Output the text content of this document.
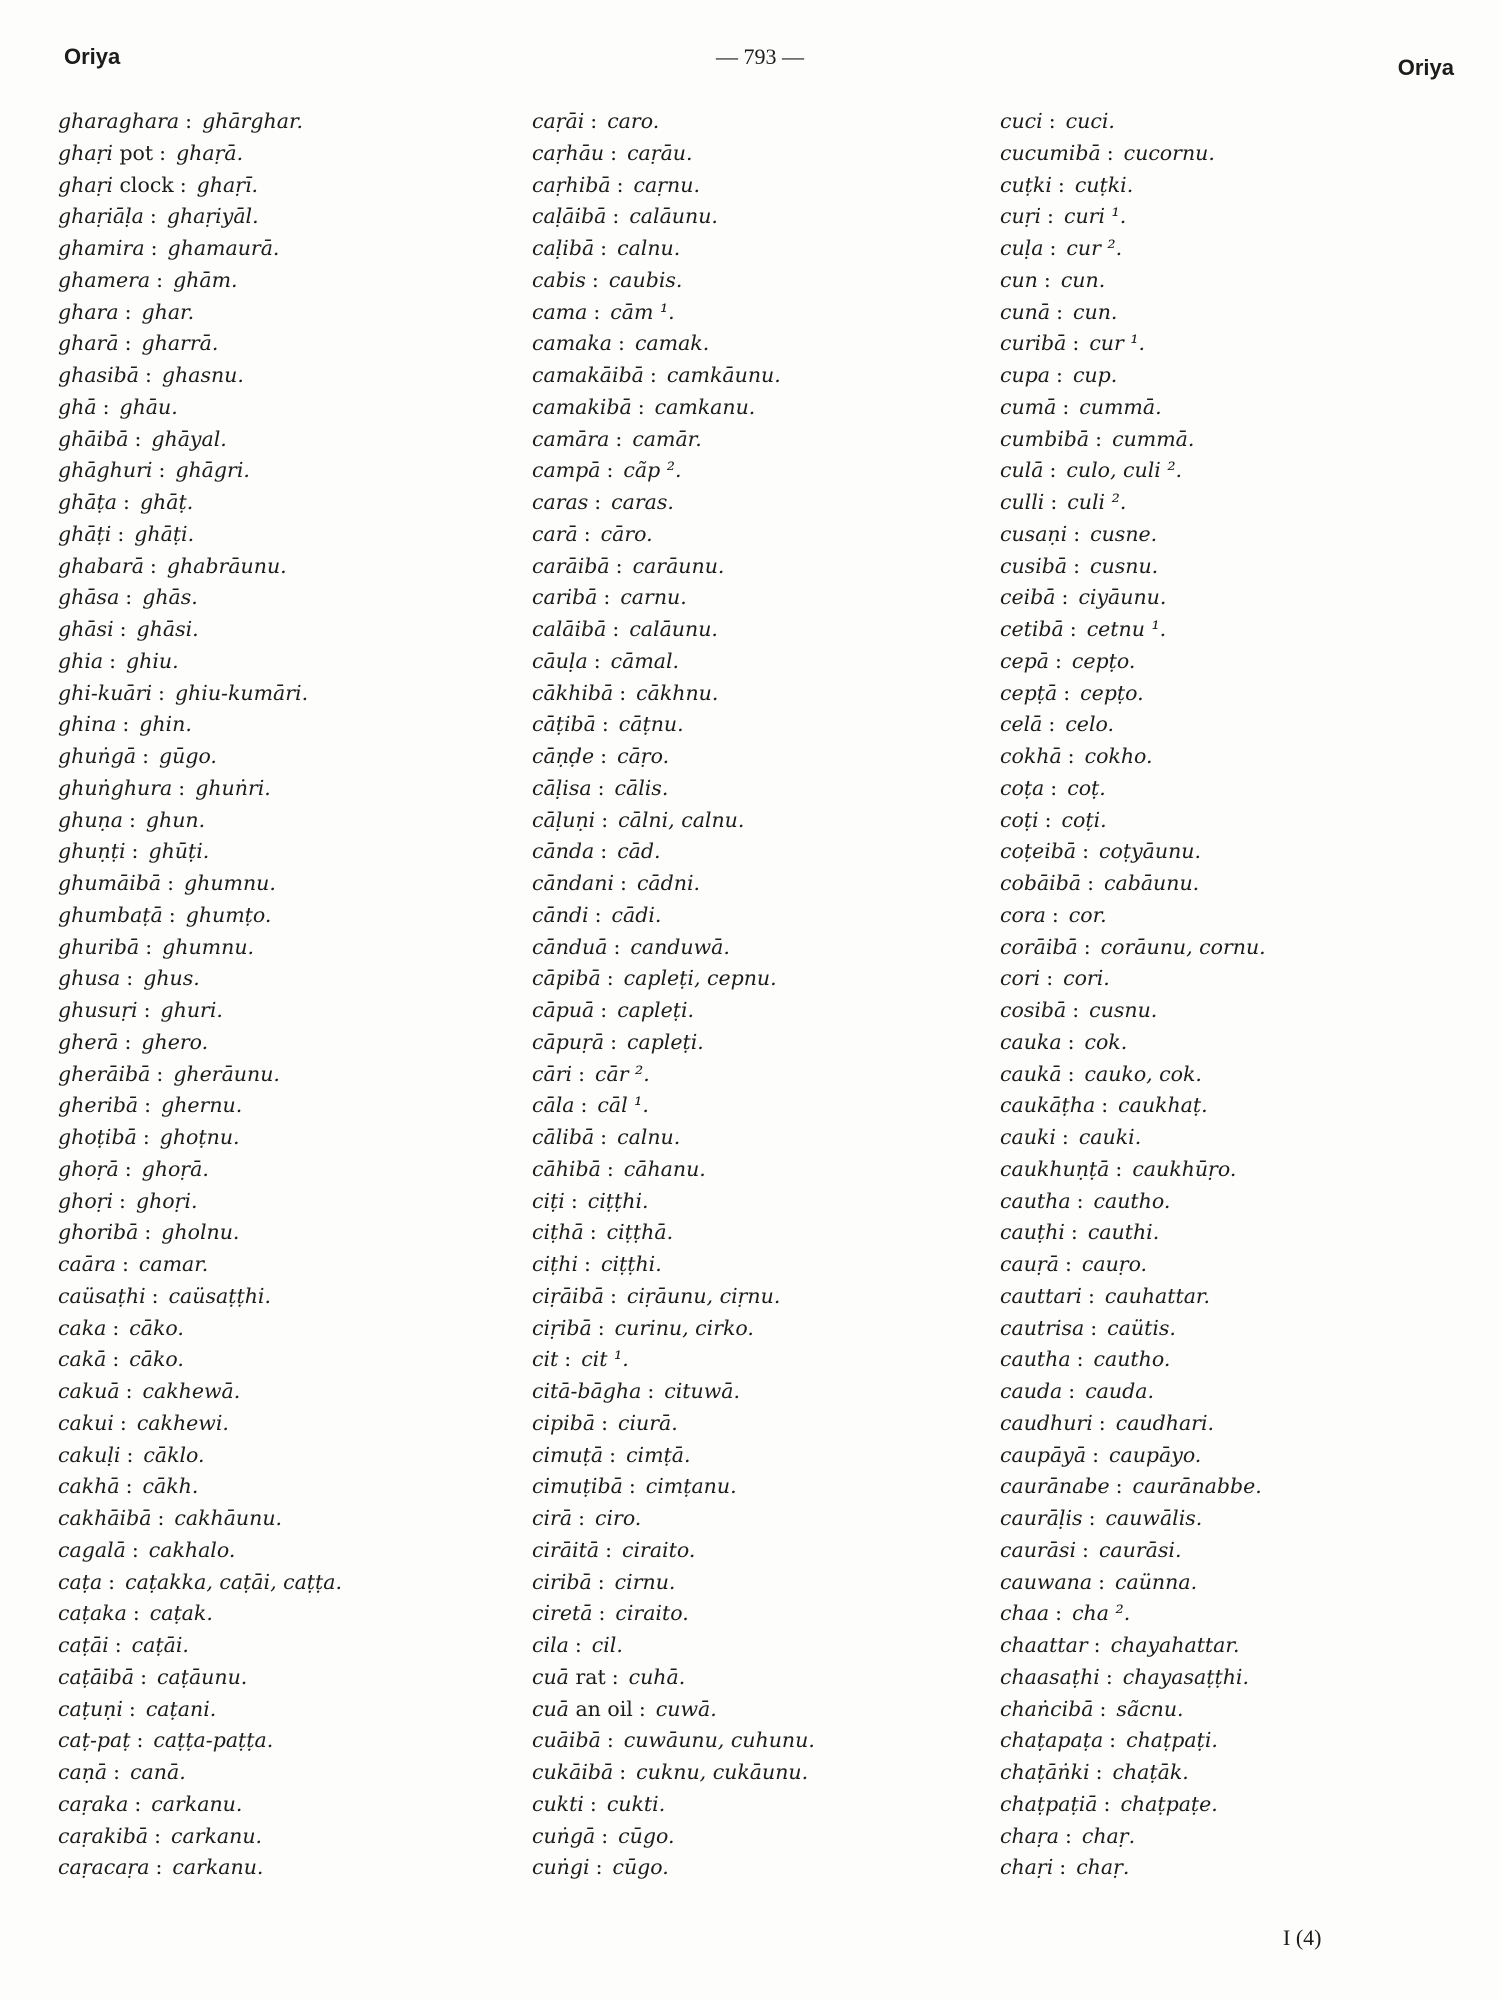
Oriya	— 793 —	Oriya
gharaghara : ghārghar.
ghaṛi pot : ghaṛā.
ghaṛi clock : ghaṛī.
ghaṛiāḷa : ghaṛiyāl.
ghamira : ghamaurā.
ghamera : ghām.
ghara : ghar.
gharā : gharrā.
ghasibā : ghasnu.
ghā : ghāu.
ghāibā : ghāyal.
ghāghuri : ghāgri.
ghāṭa : ghāṭ.
ghāṭi : ghāṭi.
ghabarā : ghabrāunu.
ghāsa : ghās.
ghāsi : ghāsi.
ghia : ghiu.
ghi-kuāri : ghiu-kumāri.
ghina : ghin.
ghuṅgā : gūgo.
ghuṅghura : ghuṅri.
ghuṇa : ghun.
ghuṇṭi : ghūṭi.
ghumāibā : ghumnu.
ghumbaṭā : ghumṭo.
ghuribā : ghumnu.
ghusa : ghus.
ghusuṛi : ghuri.
gherā : ghero.
gherāibā : gherāunu.
gheribā : ghernu.
ghoṭibā : ghoṭnu.
ghoṛā : ghoṛā.
ghoṛi : ghoṛi.
ghoribā : gholnu.
caāra : camar.
caüsaṭhi : caüsaṭṭhi.
caka : cāko.
cakā : cāko.
cakuā : cakhewā.
cakui : cakhewi.
cakuḷi : cāklo.
cakhā : cākh.
cakhāibā : cakhāunu.
cagalā : cakhalo.
caṭa : caṭakka, caṭāi, caṭṭa.
caṭaka : caṭak.
caṭāi : caṭāi.
caṭāibā : caṭāunu.
caṭuṇi : caṭani.
caṭ-paṭ : caṭṭa-paṭṭa.
caṇā : canā.
caṛaka : carkanu.
caṛakibā : carkanu.
caṛacaṛa : carkanu.
caṛāi : caro.
caṛhāu : caṛāu.
caṛhibā : caṛnu.
caḷāibā : calāunu.
caḷibā : calnu.
cabis : caubis.
cama : cām ¹.
camaka : camak.
camakāibā : camkāunu.
camakibā : camkanu.
camāra : camār.
campā : cãp ².
caras : caras.
carā : cāro.
carāibā : carāunu.
caribā : carnu.
calāibā : calāunu.
cāuḷa : cāmal.
cākhibā : cākhnu.
cāṭibā : cāṭnu.
cāṇḍe : cāṛo.
cāḷisa : cālis.
cāḷuṇi : cālni, calnu.
cānda : cād.
cāndani : cādni.
cāndi : cādi.
cānduā : canduwā.
cāpibā : capleṭi, cepnu.
cāpuā : capleṭi.
cāpuṛā : capleṭi.
cāri : cār ².
cāla : cāl ¹.
cālibā : calnu.
cāhibā : cāhanu.
ciṭi : ciṭṭhi.
ciṭhā : ciṭṭhā.
ciṭhi : ciṭṭhi.
ciṛāibā : ciṛāunu, ciṛnu.
ciṛibā : curinu, cirko.
cit : cit ¹.
citā-bāgha : cituwā.
cipibā : ciurā.
cimuṭā : cimṭā.
cimuṭibā : cimṭanu.
cirā : ciro.
cirāitā : ciraito.
ciribā : cirnu.
ciretā : ciraito.
cila : cil.
cuā rat : cuhā.
cuā an oil : cuwā.
cuāibā : cuwāunu, cuhunu.
cukāibā : cuknu, cukāunu.
cukti : cukti.
cuṅgā : cūgo.
cuṅgi : cūgo.
cuci : cuci.
cucumibā : cucornu.
cuṭki : cuṭki.
cuṛi : curi ¹.
cuḷa : cur ².
cun : cun.
cunā : cun.
curibā : cur ¹.
cupa : cup.
cumā : cummā.
cumbibā : cummā.
culā : culo, culi ².
culli : culi ².
cusaṇi : cusne.
cusibā : cusnu.
ceibā : ciyāunu.
cetibā : cetnu ¹.
cepā : cepṭo.
cepṭā : cepṭo.
celā : celo.
cokhā : cokho.
coṭa : coṭ.
coṭi : coṭi.
coṭeibā : coṭyāunu.
cobāibā : cabāunu.
cora : cor.
corāibā : corāunu, cornu.
cori : cori.
cosibā : cusnu.
cauka : cok.
caukā : cauko, cok.
caukāṭha : caukhaṭ.
cauki : cauki.
caukhuṇṭā : caukhūṛo.
cautha : cautho.
cauṭhi : cauthi.
cauṛā : cauṛo.
cauttari : cauhattar.
cautrisa : caütis.
cautha : cautho.
cauda : cauda.
caudhuri : caudhari.
caupāyā : caupāyo.
caurānabe : caurānabbe.
caurāḷis : cauwālis.
caurāsi : caurāsi.
cauwana : caünna.
chaa : cha ².
chaattar : chayahattar.
chaasaṭhi : chayasaṭṭhi.
chaṅcibā : sãcnu.
chaṭapaṭa : chaṭpaṭi.
chaṭāṅki : chaṭāk.
chaṭpaṭiā : chaṭpaṭe.
chaṛa : chaṛ.
chaṛi : chaṛ.
I (4)
